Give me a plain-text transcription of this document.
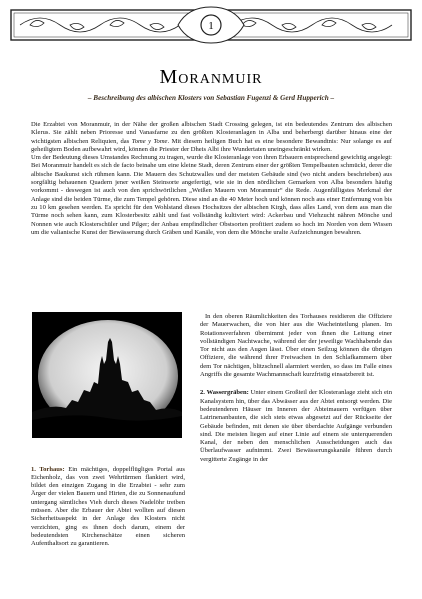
1
Moranmuir
– Beschreibung des albischen Klosters von Sebastian Fugenzi & Gerd Hupperich –

Die Erzabtei von Moranmuir, in der Nähe der großen albischen Stadt Crossing gelegen, ist ein bedeutendes Zentrum des albischen Klerus. Sie zählt neben Prioresse und Vanasfarne zu den größten Klosteranlagen in Alba und beherbergt darüber hinaus eine der wichtigsten albischen Reliquien, das Tome y Tome. Mit diesem heiligen Buch hat es eine besondere Bewandtnis: Nur solange es auf geheiligtem Boden aufbewahrt wird, können die Priester der Dheis Albi ihre Wundertaten uneingeschränkt wirken.

Um der Bedeutung dieses Umstandes Rechnung zu tragen, wurde die Klosteranlage von ihren Erbauern entsprechend gewichtig angelegt: Bei Moranmuir handelt es sich de facto beinahe um eine kleine Stadt, deren Zentrum einer der größten Tempelbauten schmückt, derer die albische Baukunst sich rühmen kann. Die Mauern des Schutzwalles und der meisten Gebäude sind (wo nicht anders beschrieben) aus sorgfältig behauenen Quadern jener weißen Steinsorte angefertigt, wie sie in den nördlichen Gemarken von Alba besonders häufig vorkommt - deswegen ist auch von den sprichwörtlichen „Weißen Mauern von Moranmuir“ die Rede. Augenfälligstes Merkmal der Anlage sind die beiden Türme, die zum Tempel gehören. Diese sind an die 40 Meter hoch und können noch aus einer Entfernung von bis zu 10 km gesehen werden. Es spricht für den Wohlstand dieses Hochsitzes der albischen Kirgh, dass alles Land, von dem aus man die Türme noch sehen kann, zum Klosterbesitz zählt und fast vollständig kultiviert wird: Ackerbau und Viehzucht nähren Mönche und Nonnen wie auch Klosterschüler und Pilger; der Anbau empfindlicher Obstsorten profitiert zudem so hoch im Norden von dem Wissen um die valianische Kunst der Bewässerung durch Gräben und Kanäle, von dem die Mönche uralte Aufzeichnungen bewahren.

1. Torhaus: Ein mächtiges, doppelflügliges Portal aus Eichenholz, das von zwei Wehrtürmen flankiert wird, bildet den einzigen Zugang in die Erzabtei - sehr zum Ärger der vielen Bauern und Hirten, die zu Sonnenaufund untergang sämtliches Vieh durch dieses Nadelöhr treiben müssen. Aber die Erbauer der Abtei wollten auf diesen Sicherheitsaspekt in der Anlage des Klosters nicht verzichten, ging es ihnen doch darum, einem der bedeutendsten Kirchenschätze einen sicheren Aufenthaltsort zu garantieren.

In den oberen Räumlichkeiten des Torhauses residieren die Offiziere der Mauerwachen, die von hier aus die Wacheinteilung planen. Im Rotationsverfahren übernimmt jeder von ihnen die Leitung einer vollständigen Nachtwache, während der der jeweilige Wachhabende das Tor nicht aus den Augen lässt. Über einen Seilzug können die übrigen Offiziere, die während ihrer Freiwachen in den Schlafkammern über dem Tor nächtigen, blitzschnell alarmiert werden, so dass im Falle eines Angriffs die gesamte Wachmannschaft kurzfristig einsatzbereit ist.

2. Wassergräben: Unter einem Großteil der Klosteranlage zieht sich ein Kanalsystem hin, über das Abwässer aus der Abtei entsorgt werden. Die bedeutenderen Häuser im Inneren der Abteimauern verfügen über Latrinenanbauten, die sich stets etwas abgesetzt auf der Rückseite der Gebäude befinden, mit denen sie über überdachte Aufgänge verbunden sind. Die meisten liegen auf einer Linie auf einem sie unterquerenden Kanal, der neben den menschlichen Ausscheidungen auch das Überlaufwasser aufnimmt. Zwei Bewässerungskanäle führen durch vergitterte Zugänge in der
